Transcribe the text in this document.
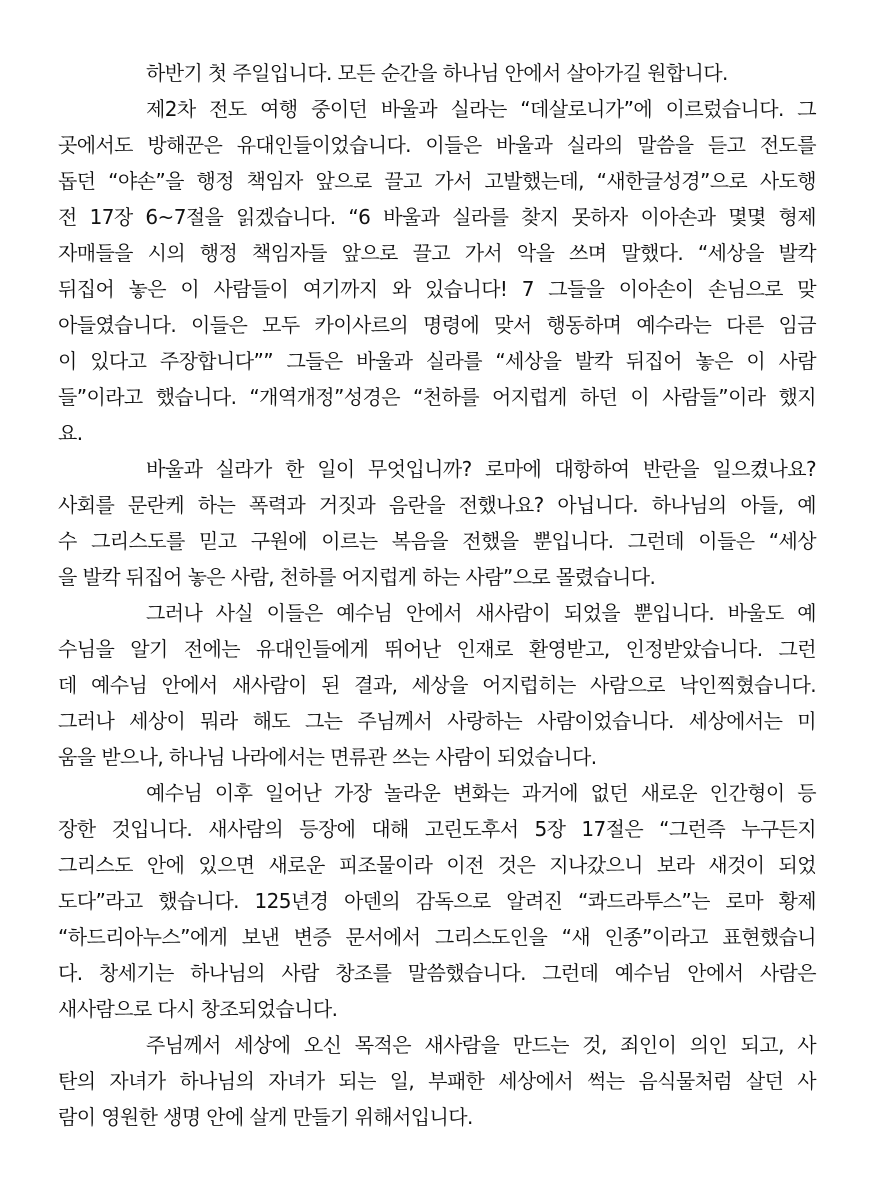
하반기 첫 주일입니다. 모든 순간을 하나님 안에서 살아가길 원합니다.
제2차 전도 여행 중이던 바울과 실라는 “데살로니가”에 이르렀습니다. 그
곳에서도 방해꾼은 유대인들이었습니다. 이들은 바울과 실라의 말씀을 듣고 전도를
돕던 “야손”을 행정 책임자 앞으로 끌고 가서 고발했는데, “새한글성경”으로 사도행
전 17장 6~7절을 읽겠습니다. “6 바울과 실라를 찾지 못하자 이아손과 몇몇 형제
자매들을 시의 행정 책임자들 앞으로 끌고 가서 악을 쓰며 말했다. “세상을 발칵
뒤집어 놓은 이 사람들이 여기까지 와 있습니다! 7 그들을 이아손이 손님으로 맞
아들였습니다. 이들은 모두 카이사르의 명령에 맞서 행동하며 예수라는 다른 임금
이 있다고 주장합니다”” 그들은 바울과 실라를 “세상을 발칵 뒤집어 놓은 이 사람
들”이라고 했습니다. “개역개정”성경은 “천하를 어지럽게 하던 이 사람들”이라 했지
요.
바울과 실라가 한 일이 무엇입니까? 로마에 대항하여 반란을 일으켰나요?
사회를 문란케 하는 폭력과 거짓과 음란을 전했나요? 아닙니다. 하나님의 아들, 예
수 그리스도를 믿고 구원에 이르는 복음을 전했을 뿐입니다. 그런데 이들은 “세상
을 발칵 뒤집어 놓은 사람, 천하를 어지럽게 하는 사람”으로 몰렸습니다.
그러나 사실 이들은 예수님 안에서 새사람이 되었을 뿐입니다. 바울도 예
수님을 알기 전에는 유대인들에게 뛰어난 인재로 환영받고, 인정받았습니다. 그런
데 예수님 안에서 새사람이 된 결과, 세상을 어지럽히는 사람으로 낙인찍혔습니다.
그러나 세상이 뭐라 해도 그는 주님께서 사랑하는 사람이었습니다. 세상에서는 미
움을 받으나, 하나님 나라에서는 면류관 쓰는 사람이 되었습니다.
예수님 이후 일어난 가장 놀라운 변화는 과거에 없던 새로운 인간형이 등
장한 것입니다. 새사람의 등장에 대해 고린도후서 5장 17절은 “그런즉 누구든지
그리스도 안에 있으면 새로운 피조물이라 이전 것은 지나갔으니 보라 새것이 되었
도다”라고 했습니다. 125년경 아덴의 감독으로 알려진 “콰드라투스”는 로마 황제
“하드리아누스”에게 보낸 변증 문서에서 그리스도인을 “새 인종”이라고 표현했습니
다. 창세기는 하나님의 사람 창조를 말씀했습니다. 그런데 예수님 안에서 사람은
새사람으로 다시 창조되었습니다.
주님께서 세상에 오신 목적은 새사람을 만드는 것, 죄인이 의인 되고, 사
탄의 자녀가 하나님의 자녀가 되는 일, 부패한 세상에서 썩는 음식물처럼 살던 사
람이 영원한 생명 안에 살게 만들기 위해서입니다.
